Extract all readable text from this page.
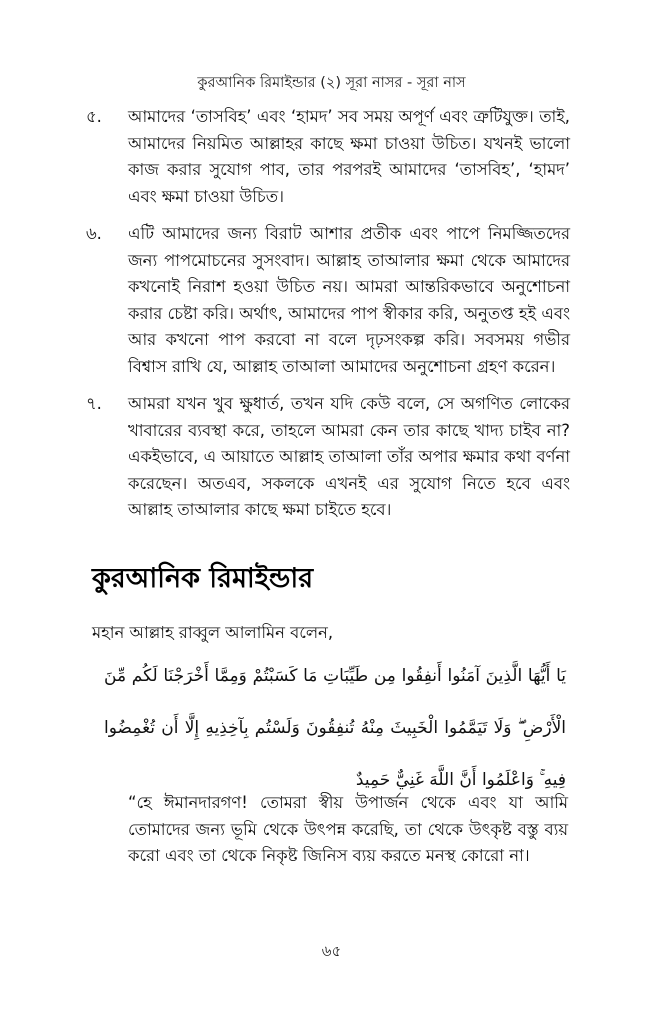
কুরআনিক রিমাইন্ডার (২) সূরা নাসর - সূরা নাস
৫. আমাদের ‘তাসবিহ’ এবং ‘হামদ’ সব সময় অপূর্ণ এবং ত্রুটিযুক্ত। তাই, আমাদের নিয়মিত আল্লাহর কাছে ক্ষমা চাওয়া উচিত। যখনই ভালো কাজ করার সুযোগ পাব, তার পরপরই আমাদের ‘তাসবিহ’, ‘হামদ’ এবং ক্ষমা চাওয়া উচিত।
৬. এটি আমাদের জন্য বিরাট আশার প্রতীক এবং পাপে নিমজ্জিতদের জন্য পাপমোচনের সুসংবাদ। আল্লাহ তাআলার ক্ষমা থেকে আমাদের কখনোই নিরাশ হওয়া উচিত নয়। আমরা আন্তরিকভাবে অনুশোচনা করার চেষ্টা করি। অর্থাৎ, আমাদের পাপ স্বীকার করি, অনুতপ্ত হই এবং আর কখনো পাপ করবো না বলে দৃঢ়সংকল্প করি। সবসময় গভীর বিশ্বাস রাখি যে, আল্লাহ তাআলা আমাদের অনুশোচনা গ্রহণ করেন।
৭. আমরা যখন খুব ক্ষুধার্ত, তখন যদি কেউ বলে, সে অগণিত লোকের খাবারের ব্যবস্থা করে, তাহলে আমরা কেন তার কাছে খাদ্য চাইব না? একইভাবে, এ আয়াতে আল্লাহ তাআলা তাঁর অপার ক্ষমার কথা বর্ণনা করেছেন। অতএব, সকলকে এখনই এর সুযোগ নিতে হবে এবং আল্লাহ তাআলার কাছে ক্ষমা চাইতে হবে।
কুরআনিক রিমাইন্ডার
মহান আল্লাহ রাব্বুল আলামিন বলেন,

يَا أَيُّهَا الَّذِينَ آمَنُوا أَنفِقُوا مِن طَيِّبَاتِ مَا كَسَبْتُمْ وَمِمَّا أَخْرَجْنَا لَكُم مِّنَ الْأَرْضِ ۖ وَلَا تَيَمَّمُوا الْخَبِيثَ مِنْهُ تُنفِقُونَ وَلَسْتُم بِآخِذِيهِ إِلَّا أَن تُغْمِضُوا فِيهِ ۚ وَاعْلَمُوا أَنَّ اللَّهَ غَنِيٌّ حَمِيدٌ

“হে ঈমানদারগণ! তোমরা স্বীয় উপার্জন থেকে এবং যা আমি তোমাদের জন্য ভূমি থেকে উৎপন্ন করেছি, তা থেকে উৎকৃষ্ট বস্তু ব্যয় করো এবং তা থেকে নিকৃষ্ট জিনিস ব্যয় করতে মনস্থ কোরো না।

৬৫
